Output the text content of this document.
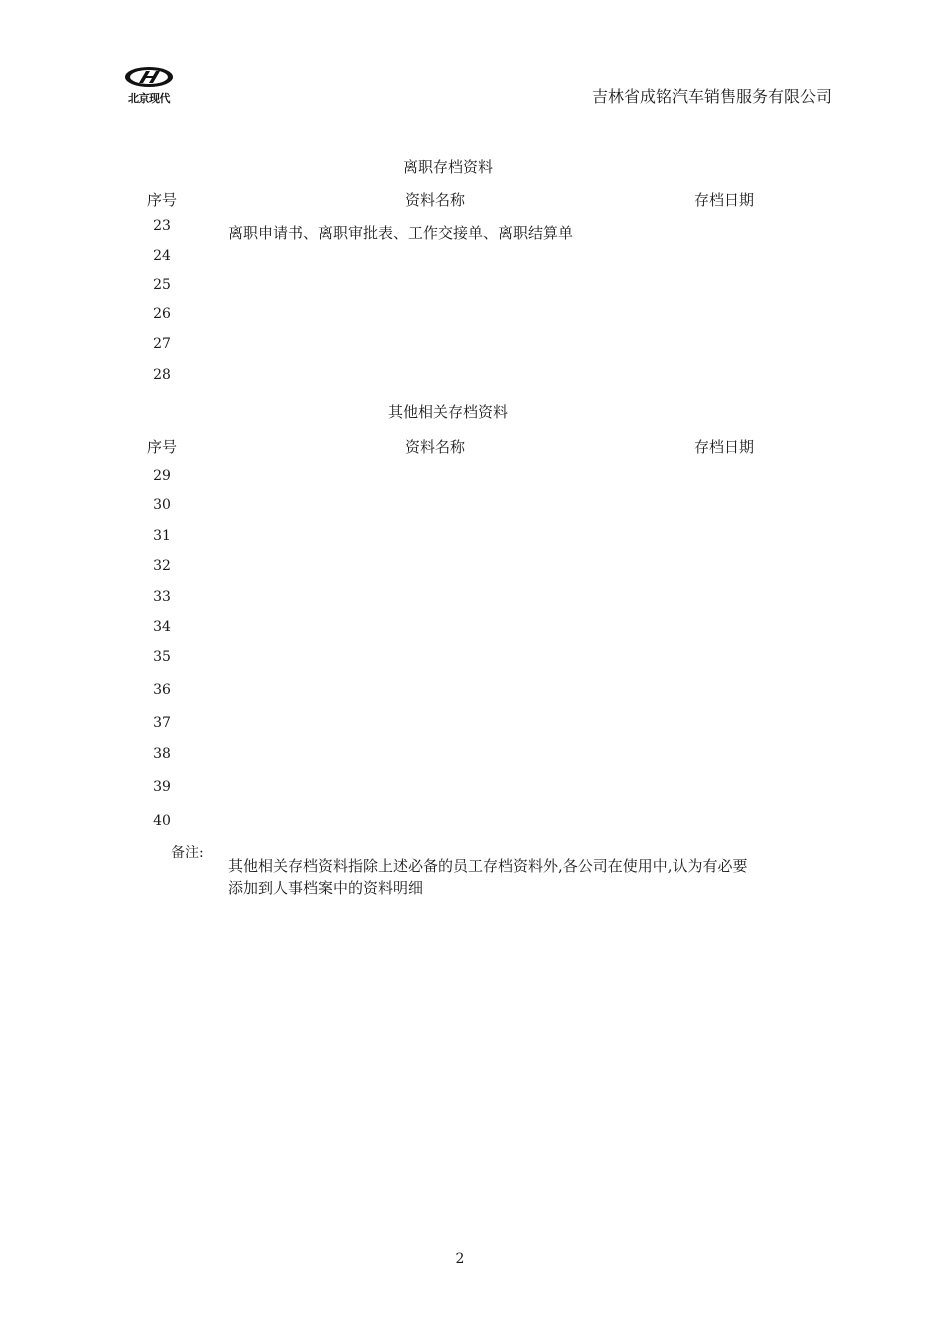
北京现代	吉林省成铭汽车销售服务有限公司
离职存档资料
序号	资料名称	存档日期
23	离职申请书、离职审批表、工作交接单、离职结算单
24
25
26
27
28
其他相关存档资料
序号	资料名称	存档日期
29
30
31
32
33
34
35
36
37
38
39
40
备注:
其他相关存档资料指除上述必备的员工存档资料外,各公司在使用中,认为有必要
添加到人事档案中的资料明细
2
